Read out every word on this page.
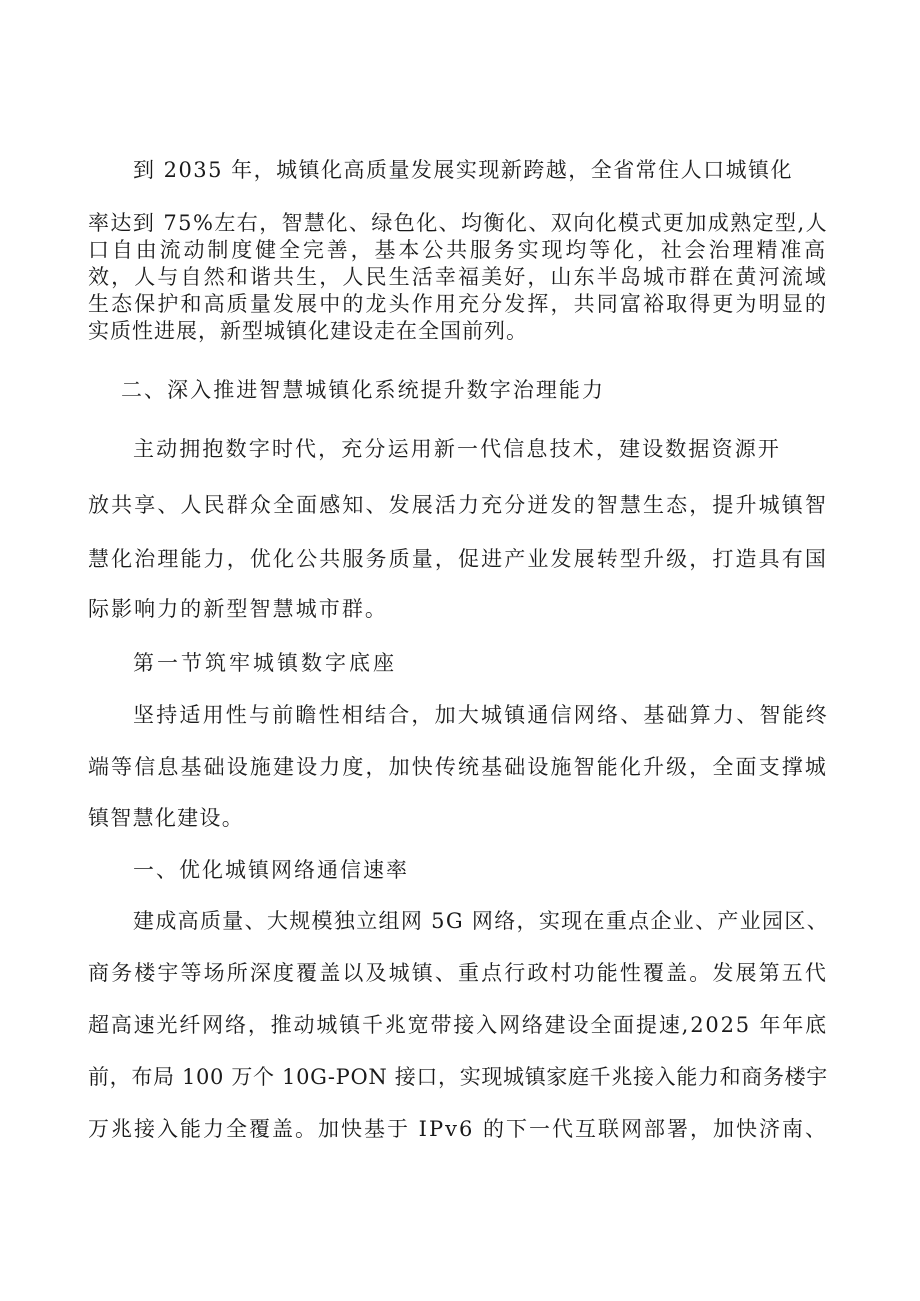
到 2035 年，城镇化高质量发展实现新跨越，全省常住人口城镇化
率达到 75%左右，智慧化、绿色化、均衡化、双向化模式更加成熟定型,人
口自由流动制度健全完善，基本公共服务实现均等化，社会治理精准高
效，人与自然和谐共生，人民生活幸福美好，山东半岛城市群在黄河流域
生态保护和高质量发展中的龙头作用充分发挥，共同富裕取得更为明显的
实质性进展，新型城镇化建设走在全国前列。
二、深入推进智慧城镇化系统提升数字治理能力
主动拥抱数字时代，充分运用新一代信息技术，建设数据资源开
放共享、人民群众全面感知、发展活力充分迸发的智慧生态，提升城镇智
慧化治理能力，优化公共服务质量，促进产业发展转型升级，打造具有国
际影响力的新型智慧城市群。
第一节筑牢城镇数字底座
坚持适用性与前瞻性相结合，加大城镇通信网络、基础算力、智能终
端等信息基础设施建设力度，加快传统基础设施智能化升级，全面支撑城
镇智慧化建设。
一、优化城镇网络通信速率
建成高质量、大规模独立组网 5G 网络，实现在重点企业、产业园区、
商务楼宇等场所深度覆盖以及城镇、重点行政村功能性覆盖。发展第五代
超高速光纤网络，推动城镇千兆宽带接入网络建设全面提速,2025 年年底
前，布局 100 万个 10G-PON 接口，实现城镇家庭千兆接入能力和商务楼宇
万兆接入能力全覆盖。加快基于 IPv6 的下一代互联网部署，加快济南、
